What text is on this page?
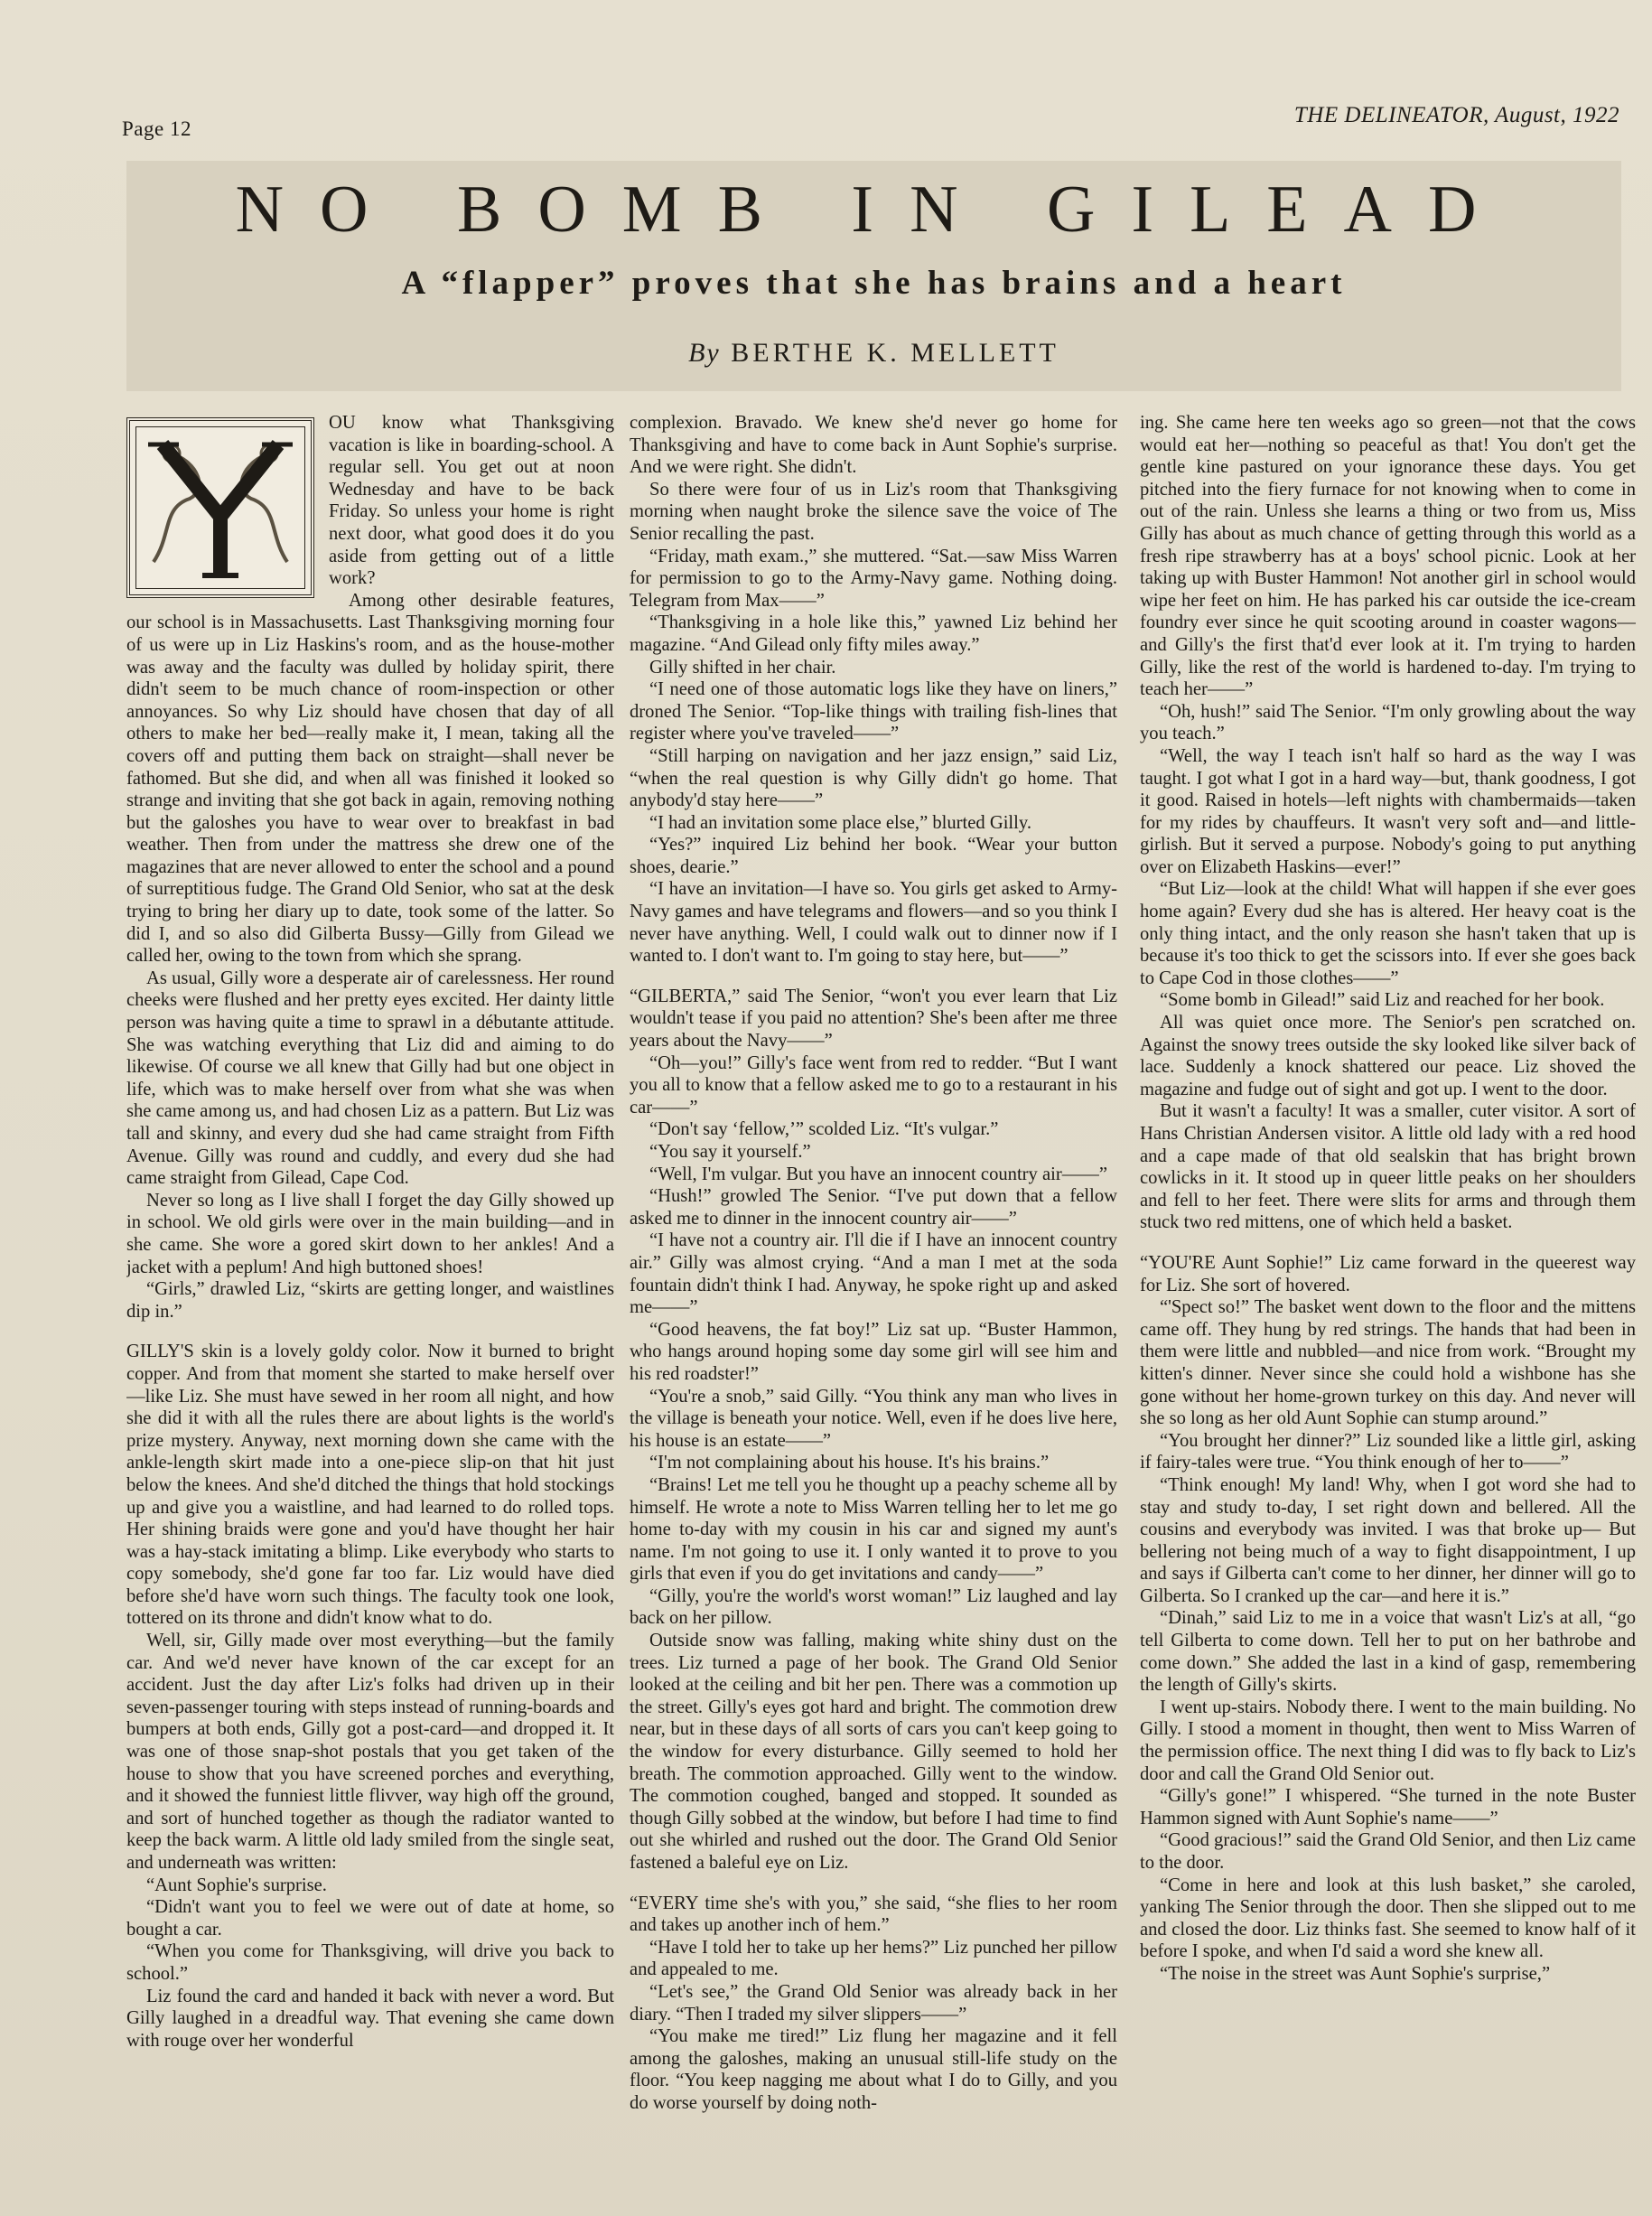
Page 12
THE DELINEATOR, August, 1922
NO BOMB IN GILEAD
A “flapper” proves that she has brains and a heart
By BERTHE K. MELLETT

OU know what Thanksgiving vacation is like in boarding-school. A regular sell. You get out at noon Wednesday and have to be back Friday. So unless your home is right next door, what good does it do you aside from getting out of a little work?

Among other desirable features, our school is in Massachusetts. Last Thanksgiving morning four of us were up in Liz Haskins's room, and as the house-mother was away and the faculty was dulled by holiday spirit, there didn't seem to be much chance of room-inspection or other annoyances. So why Liz should have chosen that day of all others to make her bed—really make it, I mean, taking all the covers off and putting them back on straight—shall never be fathomed. But she did, and when all was finished it looked so strange and inviting that she got back in again, removing nothing but the galoshes you have to wear over to breakfast in bad weather. Then from under the mattress she drew one of the magazines that are never allowed to enter the school and a pound of surreptitious fudge. The Grand Old Senior, who sat at the desk trying to bring her diary up to date, took some of the latter. So did I, and so also did Gilberta Bussy—Gilly from Gilead we called her, owing to the town from which she sprang.

As usual, Gilly wore a desperate air of carelessness. Her round cheeks were flushed and her pretty eyes excited. Her dainty little person was having quite a time to sprawl in a débutante attitude. She was watching everything that Liz did and aiming to do likewise. Of course we all knew that Gilly had but one object in life, which was to make herself over from what she was when she came among us, and had chosen Liz as a pattern. But Liz was tall and skinny, and every dud she had came straight from Fifth Avenue. Gilly was round and cuddly, and every dud she had came straight from Gilead, Cape Cod.

Never so long as I live shall I forget the day Gilly showed up in school. We old girls were over in the main building—and in she came. She wore a gored skirt down to her ankles! And a jacket with a peplum! And high buttoned shoes!

“Girls,” drawled Liz, “skirts are getting longer, and waistlines dip in.”

GILLY'S skin is a lovely goldy color. Now it burned to bright copper. And from that moment she started to make herself over—like Liz. She must have sewed in her room all night, and how she did it with all the rules there are about lights is the world's prize mystery. Anyway, next morning down she came with the ankle-length skirt made into a one-piece slip-on that hit just below the knees. And she'd ditched the things that hold stockings up and give you a waistline, and had learned to do rolled tops. Her shining braids were gone and you'd have thought her hair was a hay-stack imitating a blimp. Like everybody who starts to copy somebody, she'd gone far too far. Liz would have died before she'd have worn such things. The faculty took one look, tottered on its throne and didn't know what to do.

Well, sir, Gilly made over most everything—but the family car. And we'd never have known of the car except for an accident. Just the day after Liz's folks had driven up in their seven-passenger touring with steps instead of running-boards and bumpers at both ends, Gilly got a post-card—and dropped it. It was one of those snap-shot postals that you get taken of the house to show that you have screened porches and everything, and it showed the funniest little flivver, way high off the ground, and sort of hunched together as though the radiator wanted to keep the back warm. A little old lady smiled from the single seat, and underneath was written:

“Aunt Sophie's surprise.

“Didn't want you to feel we were out of date at home, so bought a car.

“When you come for Thanksgiving, will drive you back to school.”

Liz found the card and handed it back with never a word. But Gilly laughed in a dreadful way. That evening she came down with rouge over her wonderful

complexion. Bravado. We knew she'd never go home for Thanksgiving and have to come back in Aunt Sophie's surprise. And we were right. She didn't.

So there were four of us in Liz's room that Thanksgiving morning when naught broke the silence save the voice of The Senior recalling the past.

“Friday, math exam.,” she muttered. “Sat.—saw Miss Warren for permission to go to the Army-Navy game. Nothing doing. Telegram from Max——”

“Thanksgiving in a hole like this,” yawned Liz behind her magazine. “And Gilead only fifty miles away.”

Gilly shifted in her chair.

“I need one of those automatic logs like they have on liners,” droned The Senior. “Top-like things with trailing fish-lines that register where you've traveled——”

“Still harping on navigation and her jazz ensign,” said Liz, “when the real question is why Gilly didn't go home. That anybody'd stay here——”

“I had an invitation some place else,” blurted Gilly.

“Yes?” inquired Liz behind her book. “Wear your button shoes, dearie.”

“I have an invitation—I have so. You girls get asked to Army-Navy games and have telegrams and flowers—and so you think I never have anything. Well, I could walk out to dinner now if I wanted to. I don't want to. I'm going to stay here, but——”

“GILBERTA,” said The Senior, “won't you ever learn that Liz wouldn't tease if you paid no attention? She's been after me three years about the Navy——”

“Oh—you!” Gilly's face went from red to redder. “But I want you all to know that a fellow asked me to go to a restaurant in his car——”

“Don't say ‘fellow,’” scolded Liz. “It's vulgar.”

“You say it yourself.”

“Well, I'm vulgar. But you have an innocent country air——”

“Hush!” growled The Senior. “I've put down that a fellow asked me to dinner in the innocent country air——”

“I have not a country air. I'll die if I have an innocent country air.” Gilly was almost crying. “And a man I met at the soda fountain didn't think I had. Anyway, he spoke right up and asked me——”

“Good heavens, the fat boy!” Liz sat up. “Buster Hammon, who hangs around hoping some day some girl will see him and his red roadster!”

“You're a snob,” said Gilly. “You think any man who lives in the village is beneath your notice. Well, even if he does live here, his house is an estate——”

“I'm not complaining about his house. It's his brains.”

“Brains! Let me tell you he thought up a peachy scheme all by himself. He wrote a note to Miss Warren telling her to let me go home to-day with my cousin in his car and signed my aunt's name. I'm not going to use it. I only wanted it to prove to you girls that even if you do get invitations and candy——”

“Gilly, you're the world's worst woman!” Liz laughed and lay back on her pillow.

Outside snow was falling, making white shiny dust on the trees. Liz turned a page of her book. The Grand Old Senior looked at the ceiling and bit her pen. There was a commotion up the street. Gilly's eyes got hard and bright. The commotion drew near, but in these days of all sorts of cars you can't keep going to the window for every disturbance. Gilly seemed to hold her breath. The commotion approached. Gilly went to the window. The commotion coughed, banged and stopped. It sounded as though Gilly sobbed at the window, but before I had time to find out she whirled and rushed out the door. The Grand Old Senior fastened a baleful eye on Liz.

“EVERY time she's with you,” she said, “she flies to her room and takes up another inch of hem.”

“Have I told her to take up her hems?” Liz punched her pillow and appealed to me.

“Let's see,” the Grand Old Senior was already back in her diary. “Then I traded my silver slippers——”

“You make me tired!” Liz flung her magazine and it fell among the galoshes, making an unusual still-life study on the floor. “You keep nagging me about what I do to Gilly, and you do worse yourself by doing noth-

ing. She came here ten weeks ago so green—not that the cows would eat her—nothing so peaceful as that! You don't get the gentle kine pastured on your ignorance these days. You get pitched into the fiery furnace for not knowing when to come in out of the rain. Unless she learns a thing or two from us, Miss Gilly has about as much chance of getting through this world as a fresh ripe strawberry has at a boys' school picnic. Look at her taking up with Buster Hammon! Not another girl in school would wipe her feet on him. He has parked his car outside the ice-cream foundry ever since he quit scooting around in coaster wagons—and Gilly's the first that'd ever look at it. I'm trying to harden Gilly, like the rest of the world is hardened to-day. I'm trying to teach her——”

“Oh, hush!” said The Senior. “I'm only growling about the way you teach.”

“Well, the way I teach isn't half so hard as the way I was taught. I got what I got in a hard way—but, thank goodness, I got it good. Raised in hotels—left nights with chambermaids—taken for my rides by chauffeurs. It wasn't very soft and—and little-girlish. But it served a purpose. Nobody's going to put anything over on Elizabeth Haskins—ever!”

“But Liz—look at the child! What will happen if she ever goes home again? Every dud she has is altered. Her heavy coat is the only thing intact, and the only reason she hasn't taken that up is because it's too thick to get the scissors into. If ever she goes back to Cape Cod in those clothes——”

“Some bomb in Gilead!” said Liz and reached for her book.

All was quiet once more. The Senior's pen scratched on. Against the snowy trees outside the sky looked like silver back of lace. Suddenly a knock shattered our peace. Liz shoved the magazine and fudge out of sight and got up. I went to the door.

But it wasn't a faculty! It was a smaller, cuter visitor. A sort of Hans Christian Andersen visitor. A little old lady with a red hood and a cape made of that old sealskin that has bright brown cowlicks in it. It stood up in queer little peaks on her shoulders and fell to her feet. There were slits for arms and through them stuck two red mittens, one of which held a basket.

“YOU'RE Aunt Sophie!” Liz came forward in the queerest way for Liz. She sort of hovered.

“'Spect so!” The basket went down to the floor and the mittens came off. They hung by red strings. The hands that had been in them were little and nubbled—and nice from work. “Brought my kitten's dinner. Never since she could hold a wishbone has she gone without her home-grown turkey on this day. And never will she so long as her old Aunt Sophie can stump around.”

“You brought her dinner?” Liz sounded like a little girl, asking if fairy-tales were true. “You think enough of her to——”

“Think enough! My land! Why, when I got word she had to stay and study to-day, I set right down and bellered. All the cousins and everybody was invited. I was that broke up— But bellering not being much of a way to fight disappointment, I up and says if Gilberta can't come to her dinner, her dinner will go to Gilberta. So I cranked up the car—and here it is.”

“Dinah,” said Liz to me in a voice that wasn't Liz's at all, “go tell Gilberta to come down. Tell her to put on her bathrobe and come down.” She added the last in a kind of gasp, remembering the length of Gilly's skirts.

I went up-stairs. Nobody there. I went to the main building. No Gilly. I stood a moment in thought, then went to Miss Warren of the permission office. The next thing I did was to fly back to Liz's door and call the Grand Old Senior out.

“Gilly's gone!” I whispered. “She turned in the note Buster Hammon signed with Aunt Sophie's name——”

“Good gracious!” said the Grand Old Senior, and then Liz came to the door.

“Come in here and look at this lush basket,” she caroled, yanking The Senior through the door. Then she slipped out to me and closed the door. Liz thinks fast. She seemed to know half of it before I spoke, and when I'd said a word she knew all.

“The noise in the street was Aunt Sophie's surprise,”
